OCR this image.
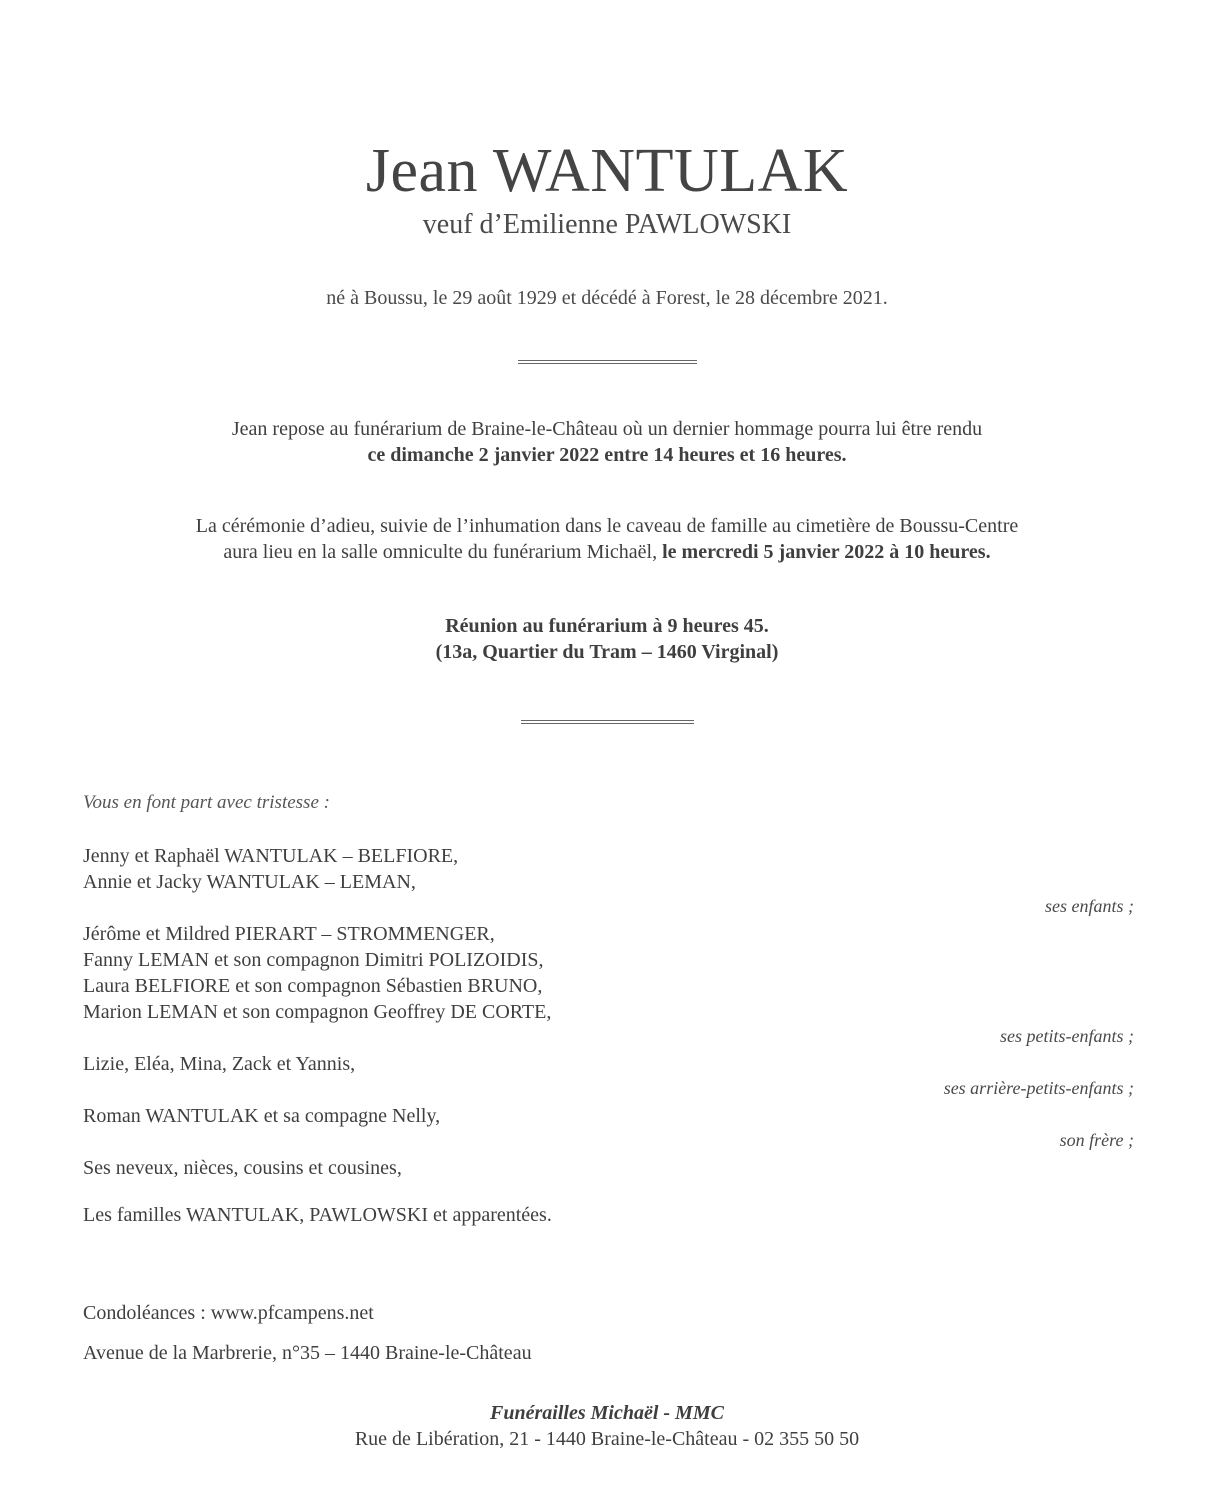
Jean WANTULAK
veuf d’Emilienne PAWLOWSKI
né à Boussu, le 29 août 1929 et décédé à Forest, le 28 décembre 2021.
Jean repose au funérarium de Braine-le-Château où un dernier hommage pourra lui être rendu
ce dimanche 2 janvier 2022 entre 14 heures et 16 heures.
La cérémonie d’adieu, suivie de l’inhumation dans le caveau de famille au cimetière de Boussu-Centre
aura lieu en la salle omniculte du funérarium Michaël, le mercredi 5 janvier 2022 à 10 heures.
Réunion au funérarium à 9 heures 45.
(13a, Quartier du Tram – 1460 Virginal)
Vous en font part avec tristesse :
Jenny et Raphaël WANTULAK – BELFIORE,
Annie et Jacky WANTULAK – LEMAN,
ses enfants ;
Jérôme et Mildred PIERART – STROMMENGER,
Fanny LEMAN et son compagnon Dimitri POLIZOIDIS,
Laura BELFIORE et son compagnon Sébastien BRUNO,
Marion LEMAN et son compagnon Geoffrey DE CORTE,
ses petits-enfants ;
Lizie, Eléa, Mina, Zack et Yannis,
ses arrière-petits-enfants ;
Roman WANTULAK et sa compagne Nelly,
son frère ;
Ses neveux, nièces, cousins et cousines,
Les familles WANTULAK, PAWLOWSKI et apparentées.
Condoléances : www.pfcampens.net
Avenue de la Marbrerie, n°35 – 1440 Braine-le-Château
Funérailles Michaël - MMC
Rue de Libération, 21 - 1440 Braine-le-Château - 02 355 50 50
